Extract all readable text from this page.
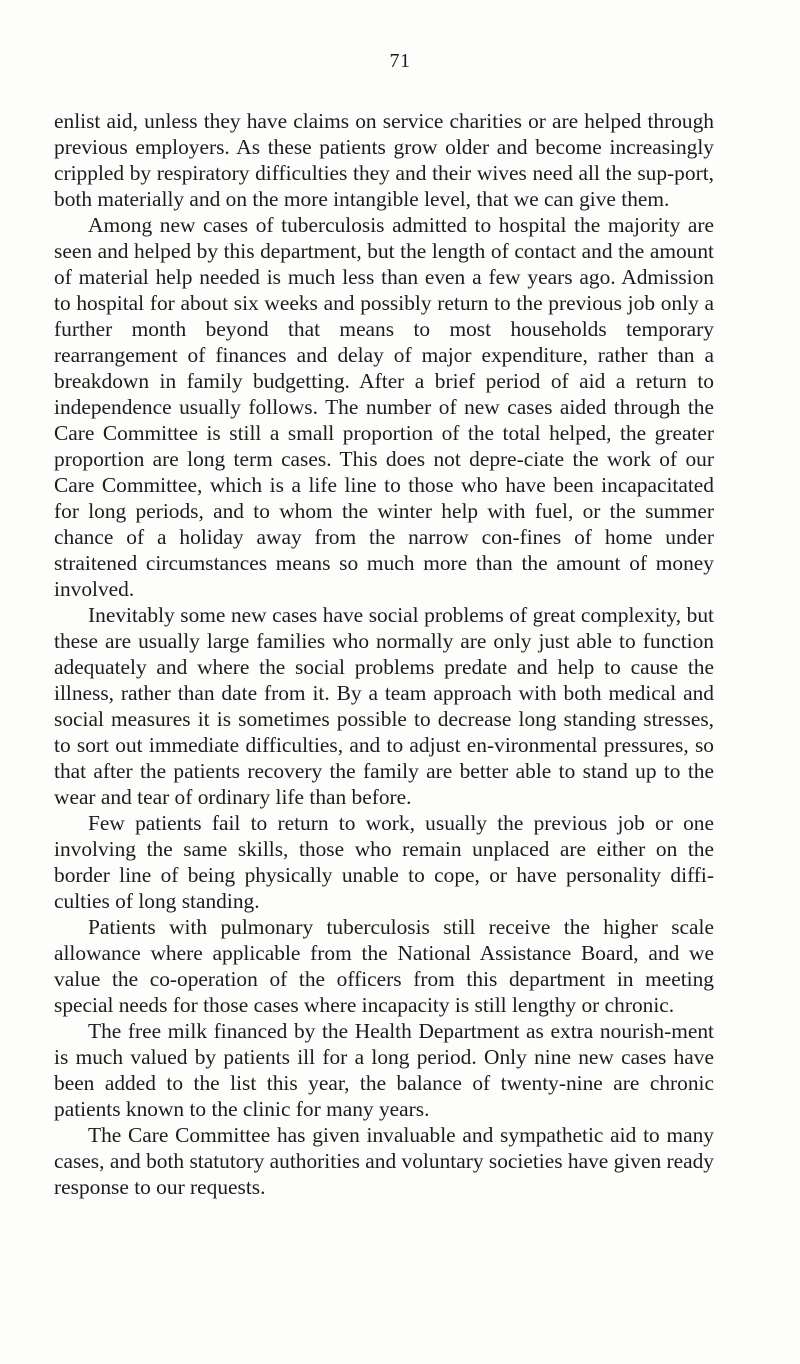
71

enlist aid, unless they have claims on service charities or are helped through previous employers. As these patients grow older and become increasingly crippled by respiratory difficulties they and their wives need all the sup-port, both materially and on the more intangible level, that we can give them.

Among new cases of tuberculosis admitted to hospital the majority are seen and helped by this department, but the length of contact and the amount of material help needed is much less than even a few years ago. Admission to hospital for about six weeks and possibly return to the previous job only a further month beyond that means to most households temporary rearrangement of finances and delay of major expenditure, rather than a breakdown in family budgetting. After a brief period of aid a return to independence usually follows. The number of new cases aided through the Care Committee is still a small proportion of the total helped, the greater proportion are long term cases. This does not depre-ciate the work of our Care Committee, which is a life line to those who have been incapacitated for long periods, and to whom the winter help with fuel, or the summer chance of a holiday away from the narrow con-fines of home under straitened circumstances means so much more than the amount of money involved.

Inevitably some new cases have social problems of great complexity, but these are usually large families who normally are only just able to function adequately and where the social problems predate and help to cause the illness, rather than date from it. By a team approach with both medical and social measures it is sometimes possible to decrease long standing stresses, to sort out immediate difficulties, and to adjust en-vironmental pressures, so that after the patients recovery the family are better able to stand up to the wear and tear of ordinary life than before.

Few patients fail to return to work, usually the previous job or one involving the same skills, those who remain unplaced are either on the border line of being physically unable to cope, or have personality diffi-culties of long standing.

Patients with pulmonary tuberculosis still receive the higher scale allowance where applicable from the National Assistance Board, and we value the co-operation of the officers from this department in meeting special needs for those cases where incapacity is still lengthy or chronic.

The free milk financed by the Health Department as extra nourish-ment is much valued by patients ill for a long period. Only nine new cases have been added to the list this year, the balance of twenty-nine are chronic patients known to the clinic for many years.

The Care Committee has given invaluable and sympathetic aid to many cases, and both statutory authorities and voluntary societies have given ready response to our requests.
